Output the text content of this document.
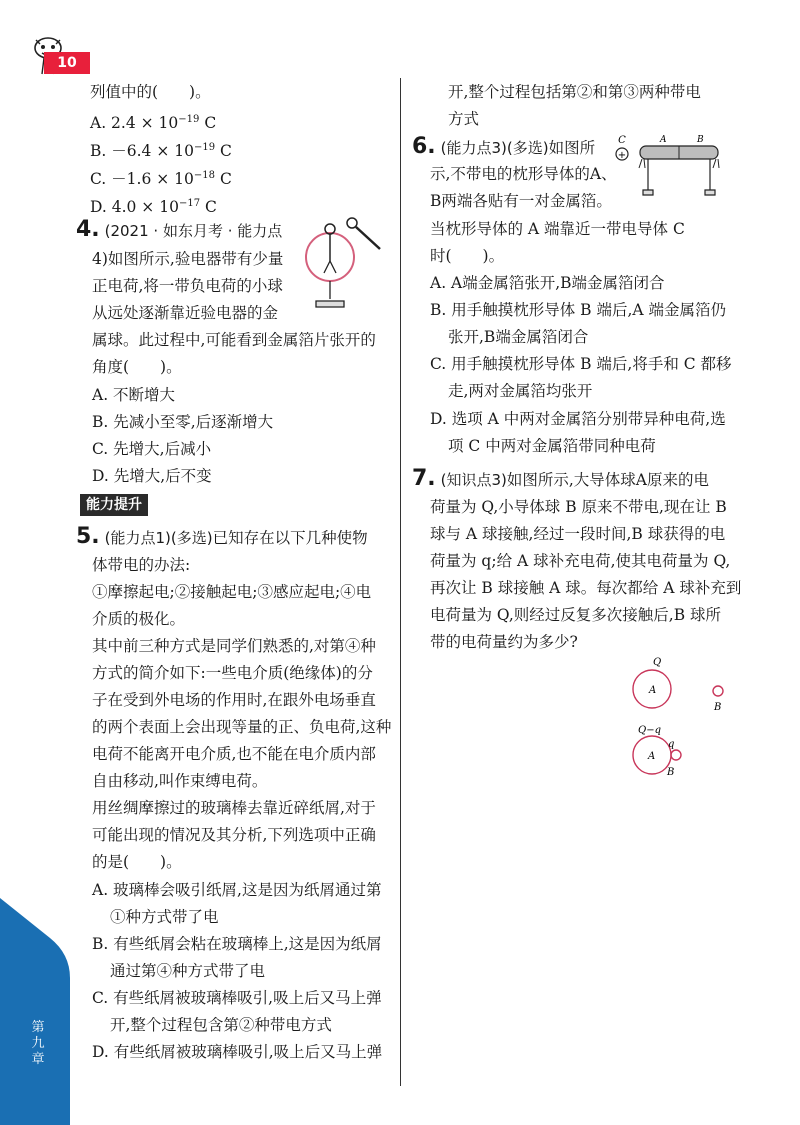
10
第九章
列值中的(　　)。
A. $2.4 \times 10^{-19}$ C
B. $-6.4 \times 10^{-19}$ C
C. $-1.6 \times 10^{-18}$ C
D. $4.0 \times 10^{-17}$ C
4. (2021 · 如东月考 · 能力点
4)如图所示,验电器带有少量
正电荷,将一带负电荷的小球
从远处逐渐靠近验电器的金
属球。此过程中,可能看到金属箔片张开的
角度(　　)。
A. 不断增大
B. 先减小至零,后逐渐增大
C. 先增大,后减小
D. 先增大,后不变
能力提升
5. (能力点1)(多选)已知存在以下几种使物
体带电的办法:
①摩擦起电;②接触起电;③感应起电;④电
介质的极化。
其中前三种方式是同学们熟悉的,对第④种
方式的简介如下:一些电介质(绝缘体)的分
子在受到外电场的作用时,在跟外电场垂直
的两个表面上会出现等量的正、负电荷,这种
电荷不能离开电介质,也不能在电介质内部
自由移动,叫作束缚电荷。
用丝绸摩擦过的玻璃棒去靠近碎纸屑,对于
可能出现的情况及其分析,下列选项中正确
的是(　　)。
A. 玻璃棒会吸引纸屑,这是因为纸屑通过第
①种方式带了电
B. 有些纸屑会粘在玻璃棒上,这是因为纸屑
通过第④种方式带了电
C. 有些纸屑被玻璃棒吸引,吸上后又马上弹
开,整个过程包含第②种带电方式
D. 有些纸屑被玻璃棒吸引,吸上后又马上弹
开,整个过程包括第②和第③两种带电
方式
6. (能力点3)(多选)如图所
示,不带电的枕形导体的A、
B两端各贴有一对金属箔。
当枕形导体的 A 端靠近一带电导体 C
时(　　)。
A. A端金属箔张开,B端金属箔闭合
B. 用手触摸枕形导体 B 端后,A 端金属箔仍
张开,B端金属箔闭合
C. 用手触摸枕形导体 B 端后,将手和 C 都移
走,两对金属箔均张开
D. 选项 A 中两对金属箔分别带异种电荷,选
项 C 中两对金属箔带同种电荷
+
C	A	B
7. (知识点3)如图所示,大导体球A原来的电
荷量为 Q,小导体球 B 原来不带电,现在让 B
球与 A 球接触,经过一段时间,B 球获得的电
荷量为 q;给 A 球补充电荷,使其电荷量为 Q,
再次让 B 球接触 A 球。每次都给 A 球补充到
电荷量为 Q,则经过反复多次接触后,B 球所
带的电荷量约为多少?
Q
A
B
Q−q
A
q
B
